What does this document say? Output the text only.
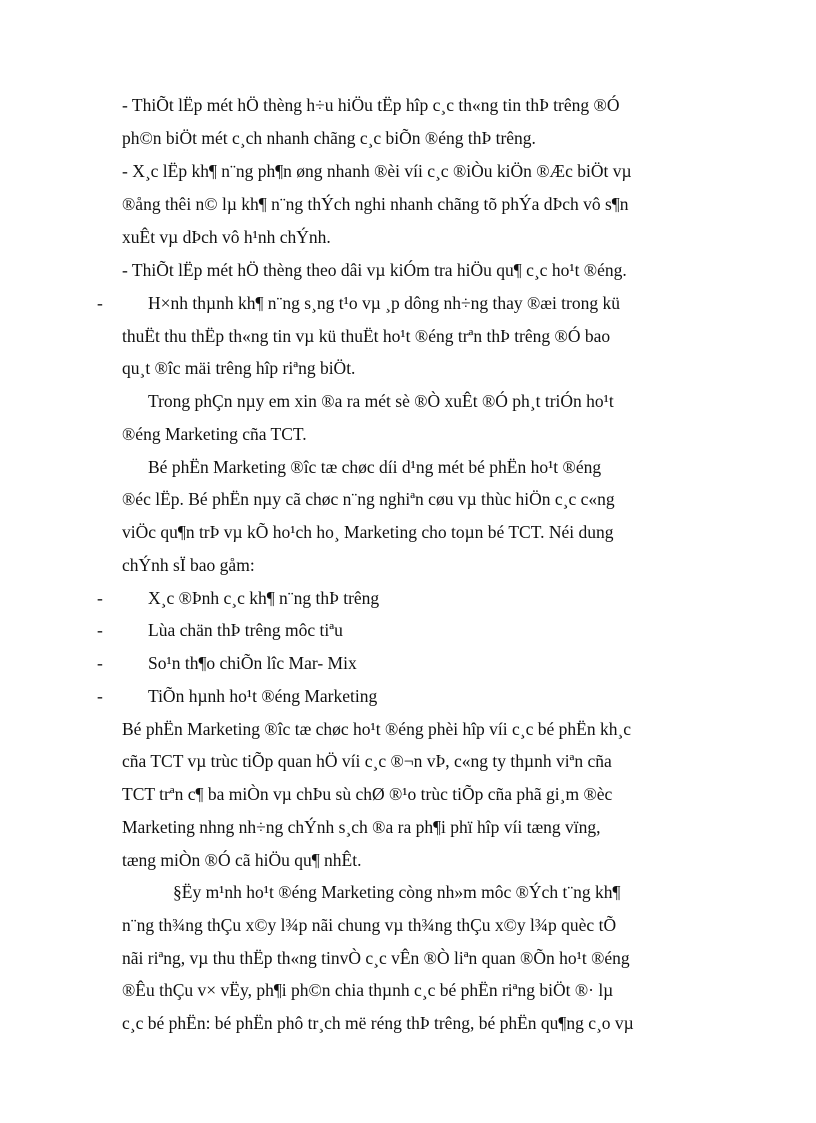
- ThiÕt lËp mét hÖ thèng h÷u hiÖu tËp hîp c¸c th«ng tin thÞ trêng ®Ó
ph©n biÖt mét c¸ch nhanh chãng c¸c biÕn ®éng thÞ trêng.
- X¸c lËp kh¶ n¨ng ph¶n øng nhanh ®èi víi c¸c ®iÒu kiÖn ®Æc biÖt vµ
®ång thêi n© lµ kh¶ n¨ng thÝch nghi nhanh chãng tõ phÝa dÞch vô s¶n
xuÊt vµ dÞch vô h¹nh chÝnh.
- ThiÕt lËp mét hÖ thèng theo dâi vµ kiÓm tra hiÖu qu¶ c¸c ho¹t ®éng.
-	H×nh thµnh kh¶ n¨ng s¸ng t¹o vµ ¸p dông nh÷ng thay ®æi trong kü
thuËt thu thËp th«ng tin vµ kü thuËt ho¹t ®éng trªn thÞ trêng ®Ó bao
qu¸t ®îc mäi trêng hîp riªng biÖt.
Trong phÇn nµy em xin ®a ra mét sè ®Ò xuÊt ®Ó ph¸t triÓn ho¹t
®éng Marketing cña TCT.
Bé phËn Marketing ®îc tæ chøc díi d¹ng mét bé phËn ho¹t ®éng
®éc lËp. Bé phËn nµy cã chøc n¨ng nghiªn cøu vµ thùc hiÖn c¸c c«ng
viÖc qu¶n trÞ vµ kÕ ho¹ch ho¸ Marketing cho toµn bé TCT. Néi dung
chÝnh sÏ bao gåm:
-	X¸c ®Þnh c¸c kh¶ n¨ng thÞ trêng
-	Lùa chän thÞ trêng môc tiªu
-	So¹n th¶o chiÕn lîc Mar- Mix
-	TiÕn hµnh ho¹t ®éng Marketing
Bé phËn Marketing ®îc tæ chøc ho¹t ®éng phèi hîp víi c¸c bé phËn kh¸c
cña TCT vµ trùc tiÕp quan hÖ víi c¸c ®¬n vÞ, c«ng ty thµnh viªn cña
TCT trªn c¶ ba miÒn vµ chÞu sù chØ ®¹o trùc tiÕp cña phã gi¸m ®èc
Marketing nhng nh÷ng chÝnh s¸ch ®a ra ph¶i phï hîp víi tæng vïng,
tæng miÒn ®Ó cã hiÖu qu¶ nhÊt.
§Ëy m¹nh ho¹t ®éng Marketing còng nh»m môc ®Ých t¨ng kh¶
n¨ng th¾ng thÇu x©y l¾p nãi chung vµ th¾ng thÇu x©y l¾p quèc tÕ
nãi riªng, vµ thu thËp th«ng tinvÒ c¸c vÊn ®Ò liªn quan ®Õn ho¹t ®éng
®Êu thÇu v× vËy, ph¶i ph©n chia thµnh c¸c bé phËn riªng biÖt ®· lµ
c¸c bé phËn: bé phËn phô tr¸ch më réng thÞ trêng, bé phËn qu¶ng c¸o vµ
